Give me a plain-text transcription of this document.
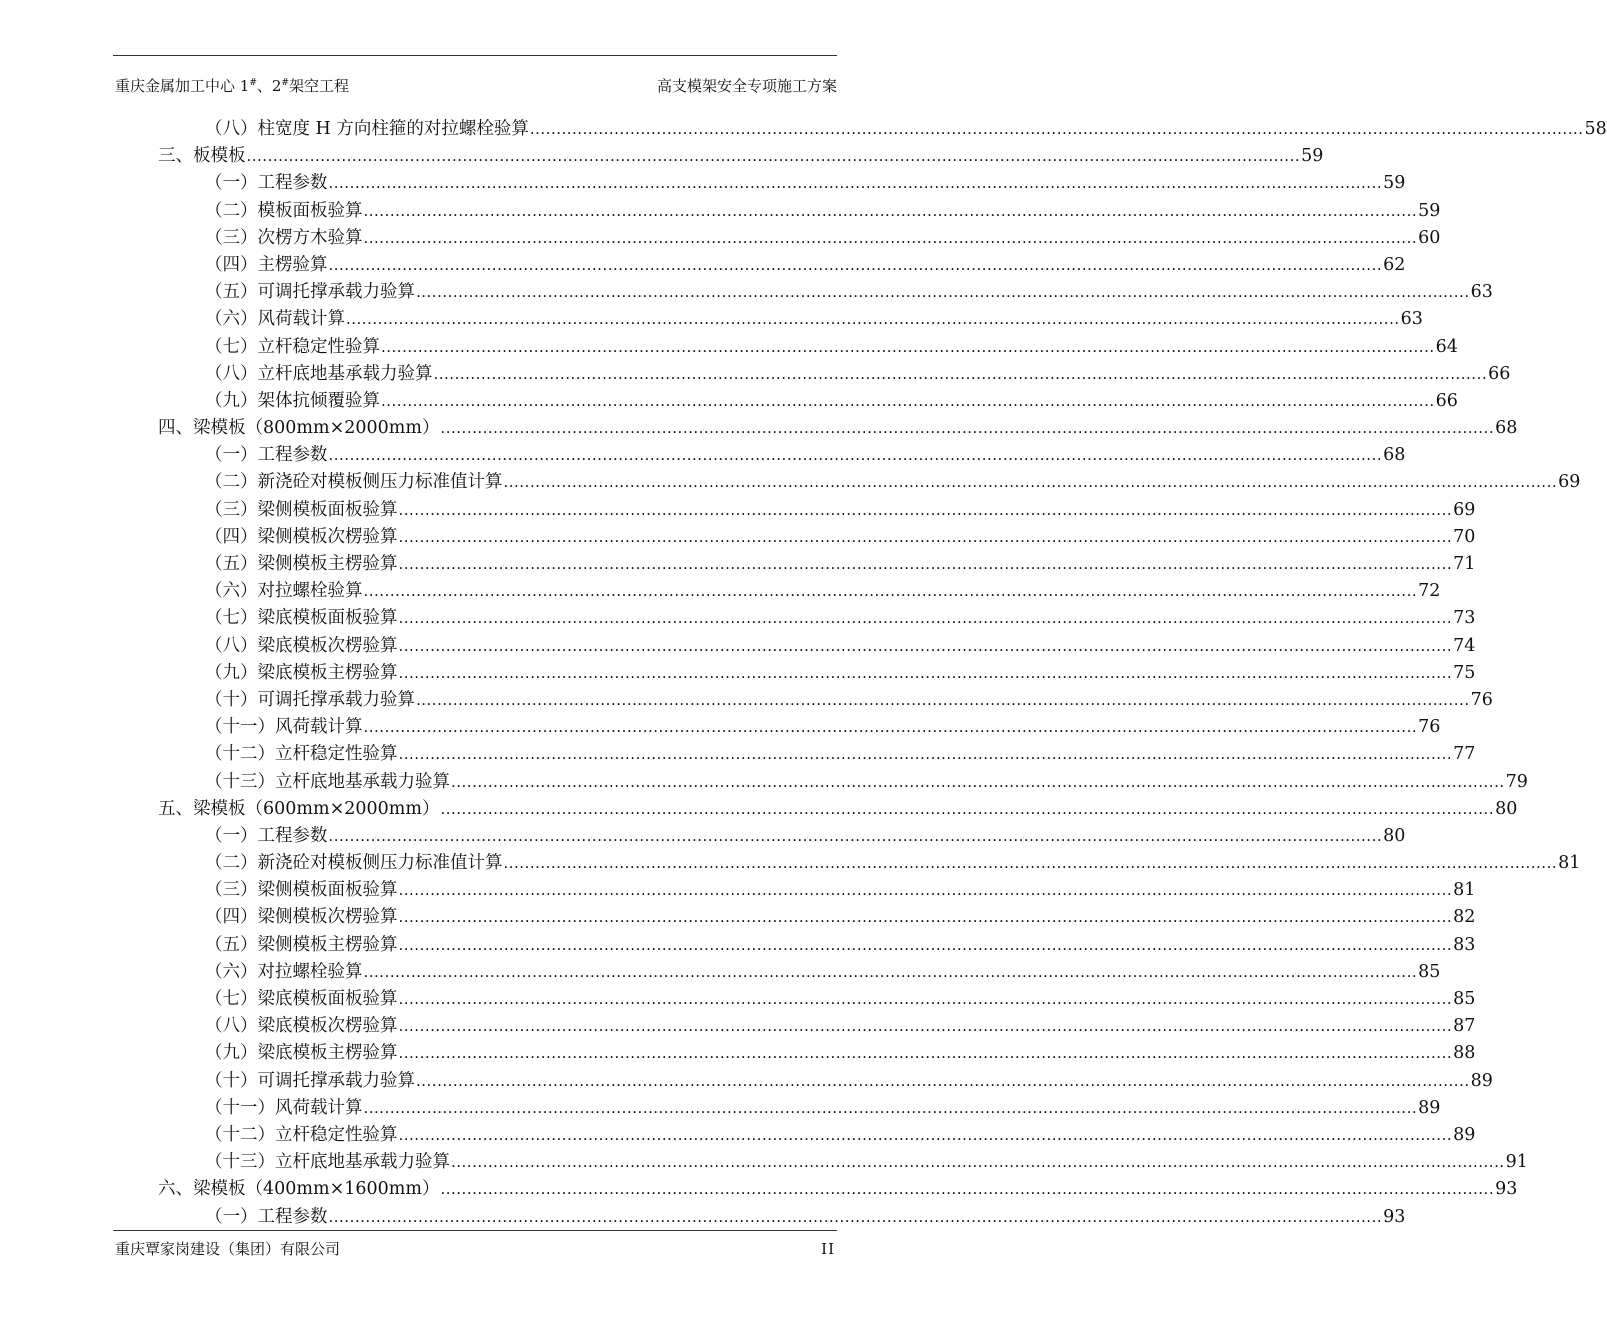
重庆金属加工中心 1#、2#架空工程	高支模架安全专项施工方案
（八）柱宽度 H 方向柱箍的对拉螺栓验算 ........................................................................................................................................................................................................ 58
三、板模板 ........................................................................................................................................................................................................ 59
（一）工程参数 ........................................................................................................................................................................................................ 59
（二）模板面板验算 ........................................................................................................................................................................................................ 59
（三）次楞方木验算 ........................................................................................................................................................................................................ 60
（四）主楞验算 ........................................................................................................................................................................................................ 62
（五）可调托撑承载力验算 ........................................................................................................................................................................................................ 63
（六）风荷载计算 ........................................................................................................................................................................................................ 63
（七）立杆稳定性验算 ........................................................................................................................................................................................................ 64
（八）立杆底地基承载力验算 ........................................................................................................................................................................................................ 66
（九）架体抗倾覆验算 ........................................................................................................................................................................................................ 66
四、梁模板（800mm×2000mm） ........................................................................................................................................................................................................ 68
（一）工程参数 ........................................................................................................................................................................................................ 68
（二）新浇砼对模板侧压力标准值计算 ........................................................................................................................................................................................................ 69
（三）梁侧模板面板验算 ........................................................................................................................................................................................................ 69
（四）梁侧模板次楞验算 ........................................................................................................................................................................................................ 70
（五）梁侧模板主楞验算 ........................................................................................................................................................................................................ 71
（六）对拉螺栓验算 ........................................................................................................................................................................................................ 72
（七）梁底模板面板验算 ........................................................................................................................................................................................................ 73
（八）梁底模板次楞验算 ........................................................................................................................................................................................................ 74
（九）梁底模板主楞验算 ........................................................................................................................................................................................................ 75
（十）可调托撑承载力验算 ........................................................................................................................................................................................................ 76
（十一）风荷载计算 ........................................................................................................................................................................................................ 76
（十二）立杆稳定性验算 ........................................................................................................................................................................................................ 77
（十三）立杆底地基承载力验算 ........................................................................................................................................................................................................ 79
五、梁模板（600mm×2000mm） ........................................................................................................................................................................................................ 80
（一）工程参数 ........................................................................................................................................................................................................ 80
（二）新浇砼对模板侧压力标准值计算 ........................................................................................................................................................................................................ 81
（三）梁侧模板面板验算 ........................................................................................................................................................................................................ 81
（四）梁侧模板次楞验算 ........................................................................................................................................................................................................ 82
（五）梁侧模板主楞验算 ........................................................................................................................................................................................................ 83
（六）对拉螺栓验算 ........................................................................................................................................................................................................ 85
（七）梁底模板面板验算 ........................................................................................................................................................................................................ 85
（八）梁底模板次楞验算 ........................................................................................................................................................................................................ 87
（九）梁底模板主楞验算 ........................................................................................................................................................................................................ 88
（十）可调托撑承载力验算 ........................................................................................................................................................................................................ 89
（十一）风荷载计算 ........................................................................................................................................................................................................ 89
（十二）立杆稳定性验算 ........................................................................................................................................................................................................ 89
（十三）立杆底地基承载力验算 ........................................................................................................................................................................................................ 91
六、梁模板（400mm×1600mm） ........................................................................................................................................................................................................ 93
（一）工程参数 ........................................................................................................................................................................................................ 93
重庆覃家岗建设（集团）有限公司	II
